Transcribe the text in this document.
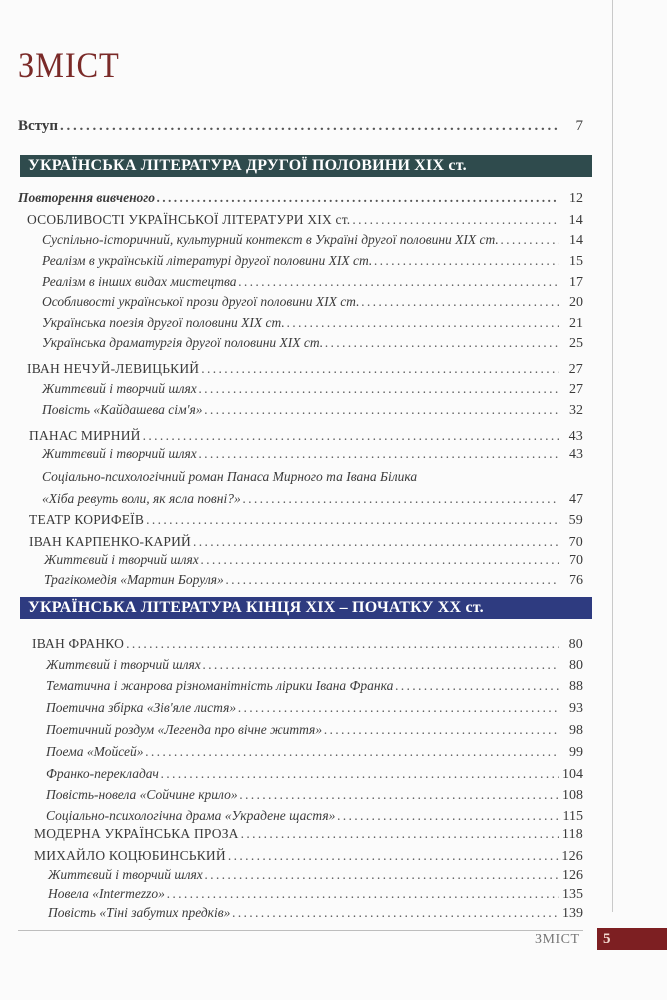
ЗМІСТ
Вступ . . .	7
УКРАЇНСЬКА ЛІТЕРАТУРА ДРУГОЇ ПОЛОВИНИ XIX ст.
Повторення вивченого . . .	12
ОСОБЛИВОСТІ УКРАЇНСЬКОЇ ЛІТЕРАТУРИ XIX ст. . . .	14
Суспільно-історичний, культурний контекст в Україні другої половини XIX ст. . . .	14
Реалізм в українській літературі другої половини XIX ст. . . .	15
Реалізм в інших видах мистецтва . . .	17
Особливості української прози другої половини XIX ст. . . .	20
Українська поезія другої половини XIX ст. . . .	21
Українська драматургія другої половини XIX ст. . . .	25
ІВАН НЕЧУЙ-ЛЕВИЦЬКИЙ . . .	27
Життєвий і творчий шлях . . .	27
Повість «Кайдашева сім'я» . . .	32
ПАНАС МИРНИЙ . . .	43
Життєвий і творчий шлях . . .	43
Соціально-психологічний роман Панаса Мирного та Івана Білика
«Хіба ревуть воли, як ясла повні?» . . .	47
ТЕАТР КОРИФЕЇВ . . .	59
ІВАН КАРПЕНКО-КАРИЙ . . .	70
Життєвий і творчий шлях . . .	70
Трагікомедія «Мартин Боруля» . . .	76
УКРАЇНСЬКА ЛІТЕРАТУРА КІНЦЯ XIX – ПОЧАТКУ XX ст.
ІВАН ФРАНКО . . .	80
Життєвий і творчий шлях . . .	80
Тематична і жанрова різноманітність лірики Івана Франка . . .	88
Поетична збірка «Зів'яле листя» . . .	93
Поетичний роздум «Легенда про вічне життя» . . .	98
Поема «Мойсей» . . .	99
Франко-перекладач . . .	104
Повість-новела «Сойчине крило» . . .	108
Соціально-психологічна драма «Украдене щастя» . . .	115
МОДЕРНА УКРАЇНСЬКА ПРОЗА . . .	118
МИХАЙЛО КОЦЮБИНСЬКИЙ . . .	126
Життєвий і творчий шлях . . .	126
Новела «Intermezzo» . . .	135
Повість «Тіні забутих предків» . . .	139
ЗМІСТ	5
